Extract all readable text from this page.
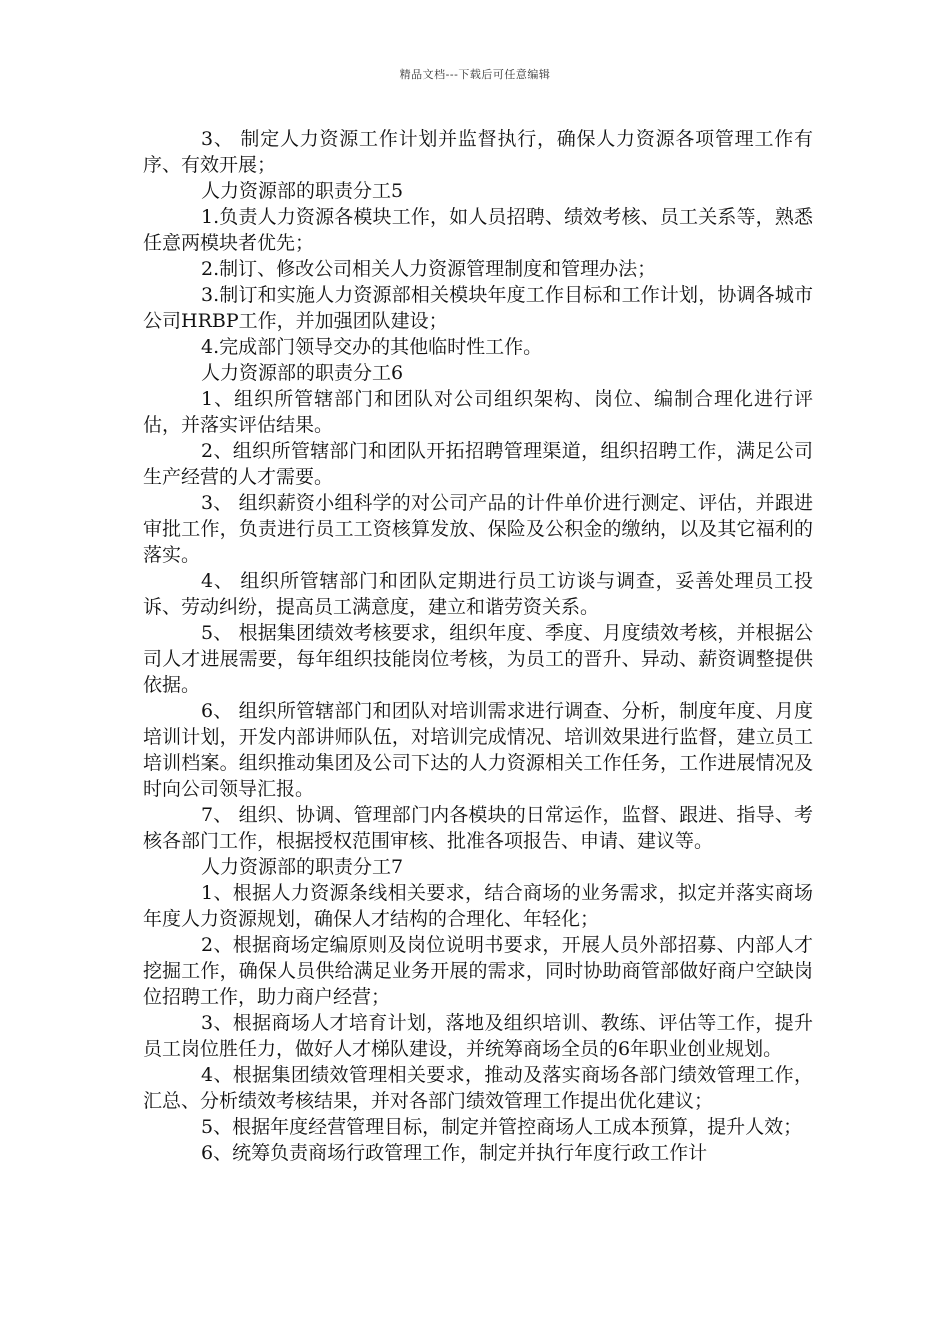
精品文档---下载后可任意编辑

3、 制定人力资源工作计划并监督执行，确保人力资源各项管理工作有序、有效开展；

人力资源部的职责分工5

1.负责人力资源各模块工作，如人员招聘、绩效考核、员工关系等，熟悉任意两模块者优先；

2.制订、修改公司相关人力资源管理制度和管理办法；

3.制订和实施人力资源部相关模块年度工作目标和工作计划，协调各城市公司HRBP工作，并加强团队建设；

4.完成部门领导交办的其他临时性工作。

人力资源部的职责分工6

1、组织所管辖部门和团队对公司组织架构、岗位、编制合理化进行评估，并落实评估结果。

2、组织所管辖部门和团队开拓招聘管理渠道，组织招聘工作，满足公司生产经营的人才需要。

3、 组织薪资小组科学的对公司产品的计件单价进行测定、评估，并跟进审批工作，负责进行员工工资核算发放、保险及公积金的缴纳，以及其它福利的落实。

4、 组织所管辖部门和团队定期进行员工访谈与调查，妥善处理员工投诉、劳动纠纷，提高员工满意度，建立和谐劳资关系。

5、 根据集团绩效考核要求，组织年度、季度、月度绩效考核，并根据公司人才进展需要，每年组织技能岗位考核，为员工的晋升、异动、薪资调整提供依据。

6、 组织所管辖部门和团队对培训需求进行调查、分析，制度年度、月度培训计划，开发内部讲师队伍，对培训完成情况、培训效果进行监督，建立员工培训档案。组织推动集团及公司下达的人力资源相关工作任务，工作进展情况及时向公司领导汇报。

7、 组织、协调、管理部门内各模块的日常运作，监督、跟进、指导、考核各部门工作，根据授权范围审核、批准各项报告、申请、建议等。

人力资源部的职责分工7

1、根据人力资源条线相关要求，结合商场的业务需求，拟定并落实商场年度人力资源规划，确保人才结构的合理化、年轻化；

2、根据商场定编原则及岗位说明书要求，开展人员外部招募、内部人才挖掘工作，确保人员供给满足业务开展的需求，同时协助商管部做好商户空缺岗位招聘工作，助力商户经营；

3、根据商场人才培育计划，落地及组织培训、教练、评估等工作，提升员工岗位胜任力，做好人才梯队建设，并统筹商场全员的6年职业创业规划。

4、根据集团绩效管理相关要求，推动及落实商场各部门绩效管理工作，汇总、分析绩效考核结果，并对各部门绩效管理工作提出优化建议；

5、根据年度经营管理目标，制定并管控商场人工成本预算，提升人效；

6、统筹负责商场行政管理工作，制定并执行年度行政工作计
